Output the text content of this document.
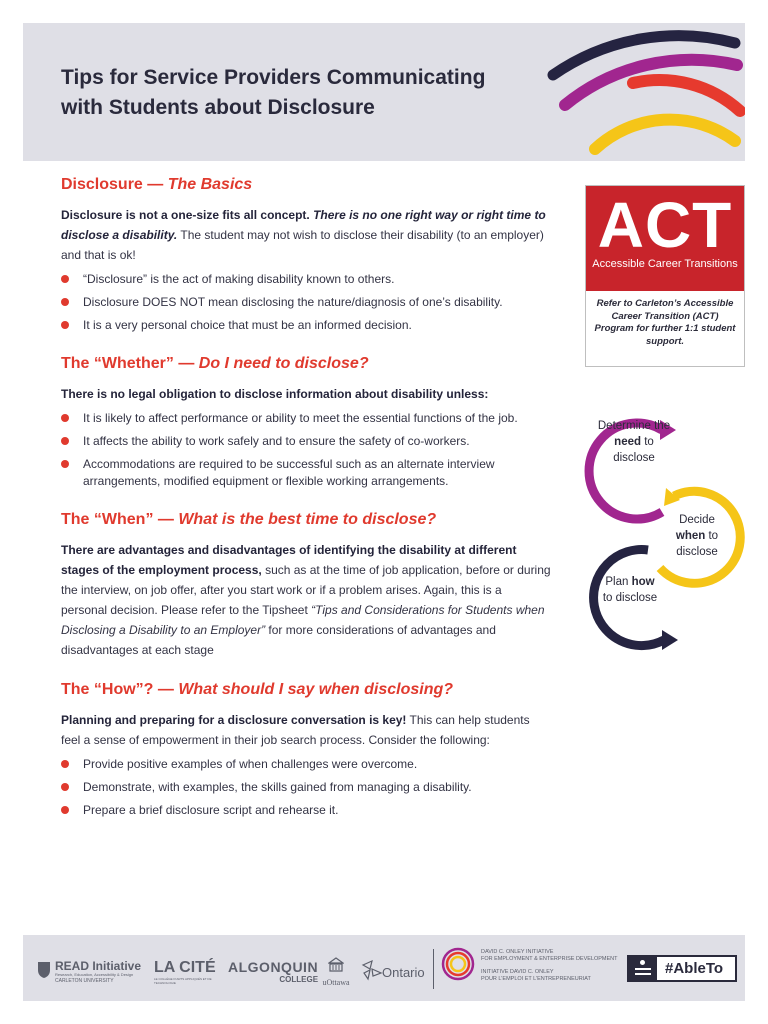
Tips for Service Providers Communicating
with Students about Disclosure
Disclosure — The Basics

Disclosure is not a one-size fits all concept. There is no one right way or right time to disclose a disability. The student may not wish to disclose their disability (to an employer) and that is ok!

“Disclosure” is the act of making disability known to others.
Disclosure DOES NOT mean disclosing the nature/diagnosis of one’s disability.
It is a very personal choice that must be an informed decision.
The “Whether” — Do I need to disclose?

There is no legal obligation to disclose information about disability unless:

It is likely to affect performance or ability to meet the essential functions of the job.
It affects the ability to work safely and to ensure the safety of co-workers.
Accommodations are required to be successful such as an alternate interview arrangements, modified equipment or flexible working arrangements.
The “When” — What is the best time to disclose?

There are advantages and disadvantages of identifying the disability at different stages of the employment process, such as at the time of job application, before or during the interview, on job offer, after you start work or if a problem arises. Again, this is a personal decision. Please refer to the Tipsheet “Tips and Considerations for Students when Disclosing a Disability to an Employer” for more considerations of advantages and disadvantages at each stage

The “How”? — What should I say when disclosing?

Planning and preparing for a disclosure conversation is key! This can help students feel a sense of empowerment in their job search process. Consider the following:

Provide positive examples of when challenges were overcome.
Demonstrate, with examples, the skills gained from managing a disability.
Prepare a brief disclosure script and rehearse it.
ACT
Accessible Career Transitions
Refer to Carleton’s Accessible Career Transition (ACT) Program for further 1:1 student support.
Determine the need to disclose
Decide when to disclose
Plan how to disclose
READ Initiative
Research, Education, Accessibility & Design
CARLETON UNIVERSITY
LA CITÉ
LE COLLÈGE D’ARTS APPLIQUÉS ET DE TECHNOLOGIE
ALGONQUIN
COLLEGE uOttawa
Ontario
DAVID C. ONLEY INITIATIVE
FOR EMPLOYMENT & ENTERPRISE DEVELOPMENT
INITIATIVE DAVID C. ONLEY
POUR L’EMPLOI ET L’ENTREPRENEURIAT
#AbleTo
